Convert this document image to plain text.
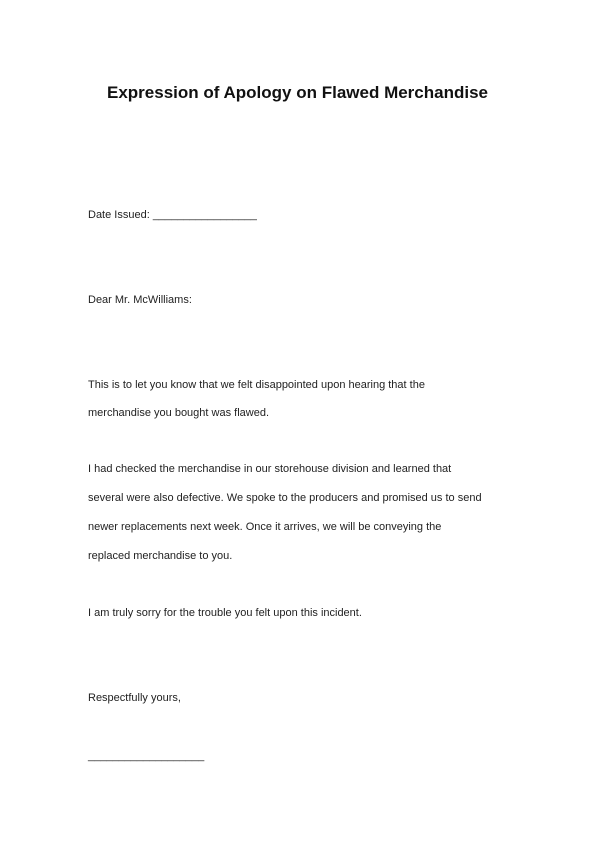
Expression of Apology on Flawed Merchandise
Date Issued: _________________
Dear Mr. McWilliams:
This is to let you know that we felt disappointed upon hearing that the
merchandise you bought was flawed.
I had checked the merchandise in our storehouse division and learned that
several were also defective. We spoke to the producers and promised us to send
newer replacements next week. Once it arrives, we will be conveying the
replaced merchandise to you.
I am truly sorry for the trouble you felt upon this incident.
Respectfully yours,
___________________
